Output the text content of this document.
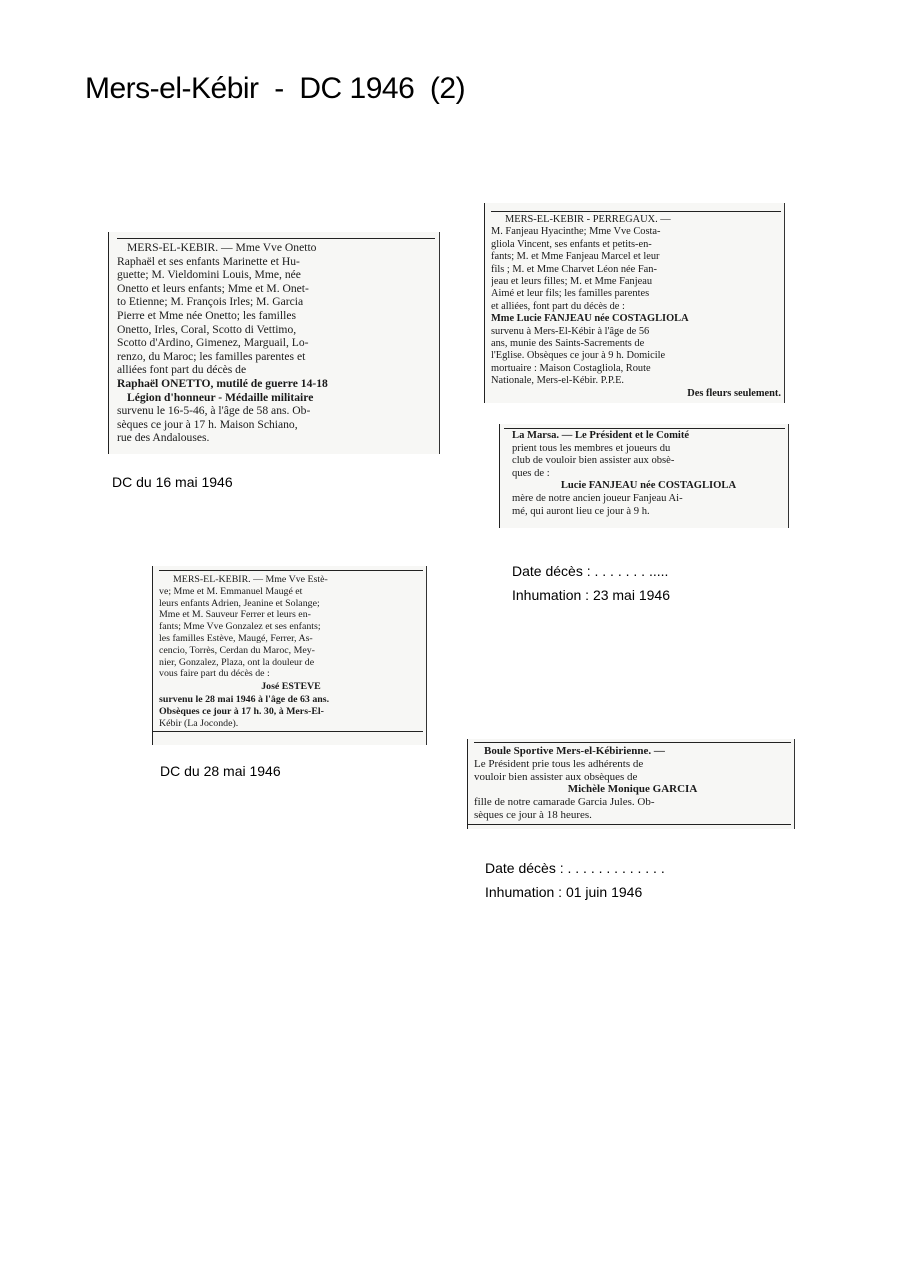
Mers-el-Kébir  -  DC 1946  (2)
MERS-EL-KEBIR. — Mme Vve Onetto
Raphaël et ses enfants Marinette et Hu-
guette; M. Vieldomini Louis, Mme, née
Onetto et leurs enfants; Mme et M. Onet-
to Etienne; M. François Irles; M. Garcia
Pierre et Mme née Onetto; les familles
Onetto, Irles, Coral, Scotto di Vettimo,
Scotto d'Ardino, Gimenez, Marguail, Lo-
renzo, du Maroc; les familles parentes et
alliées font part du décès de
Raphaël ONETTO, mutilé de guerre 14-18
Légion d'honneur - Médaille militaire
survenu le 16-5-46, à l'âge de 58 ans. Ob-
sèques ce jour à 17 h. Maison Schiano,
rue des Andalouses.
DC du 16 mai 1946
MERS-EL-KEBIR - PERREGAUX. —
M. Fanjeau Hyacinthe; Mme Vve Costa-
gliola Vincent, ses enfants et petits-en-
fants; M. et Mme Fanjeau Marcel et leur
fils ; M. et Mme Charvet Léon née Fan-
jeau et leurs filles; M. et Mme Fanjeau
Aimé et leur fils; les familles parentes
et alliées, font part du décès de :
Mme Lucie FANJEAU née COSTAGLIOLA
survenu à Mers-El-Kébir à l'âge de 56
ans, munie des Saints-Sacrements de
l'Eglise. Obsèques ce jour à 9 h. Domicile
mortuaire : Maison Costagliola, Route
Nationale, Mers-el-Kébir. P.P.E.
Des fleurs seulement.
La Marsa. — Le Président et le Comité
prient tous les membres et joueurs du
club de vouloir bien assister aux obsè-
ques de :
Lucie FANJEAU née COSTAGLIOLA
mère de notre ancien joueur Fanjeau Ai-
mé, qui auront lieu ce jour à 9 h.
Date décès : . . . . . . . .....
Inhumation : 23 mai 1946
MERS-EL-KEBIR. — Mme Vve Estè-
ve; Mme et M. Emmanuel Maugé et
leurs enfants Adrien, Jeanine et Solange;
Mme et M. Sauveur Ferrer et leurs en-
fants; Mme Vve Gonzalez et ses enfants;
les familles Estève, Maugé, Ferrer, As-
cencio, Torrès, Cerdan du Maroc, Mey-
nier, Gonzalez, Plaza, ont la douleur de
vous faire part du décès de :
José ESTEVE
survenu le 28 mai 1946 à l'âge de 63 ans.
Obsèques ce jour à 17 h. 30, à Mers-El-
Kébir (La Joconde).
DC du 28 mai 1946
Boule Sportive Mers-el-Kébirienne. —
Le Président prie tous les adhérents de
vouloir bien assister aux obsèques de
Michèle Monique GARCIA
fille de notre camarade Garcia Jules. Ob-
sèques ce jour à 18 heures.
Date décès : . . . . . . . . . . . . .
Inhumation : 01 juin 1946
